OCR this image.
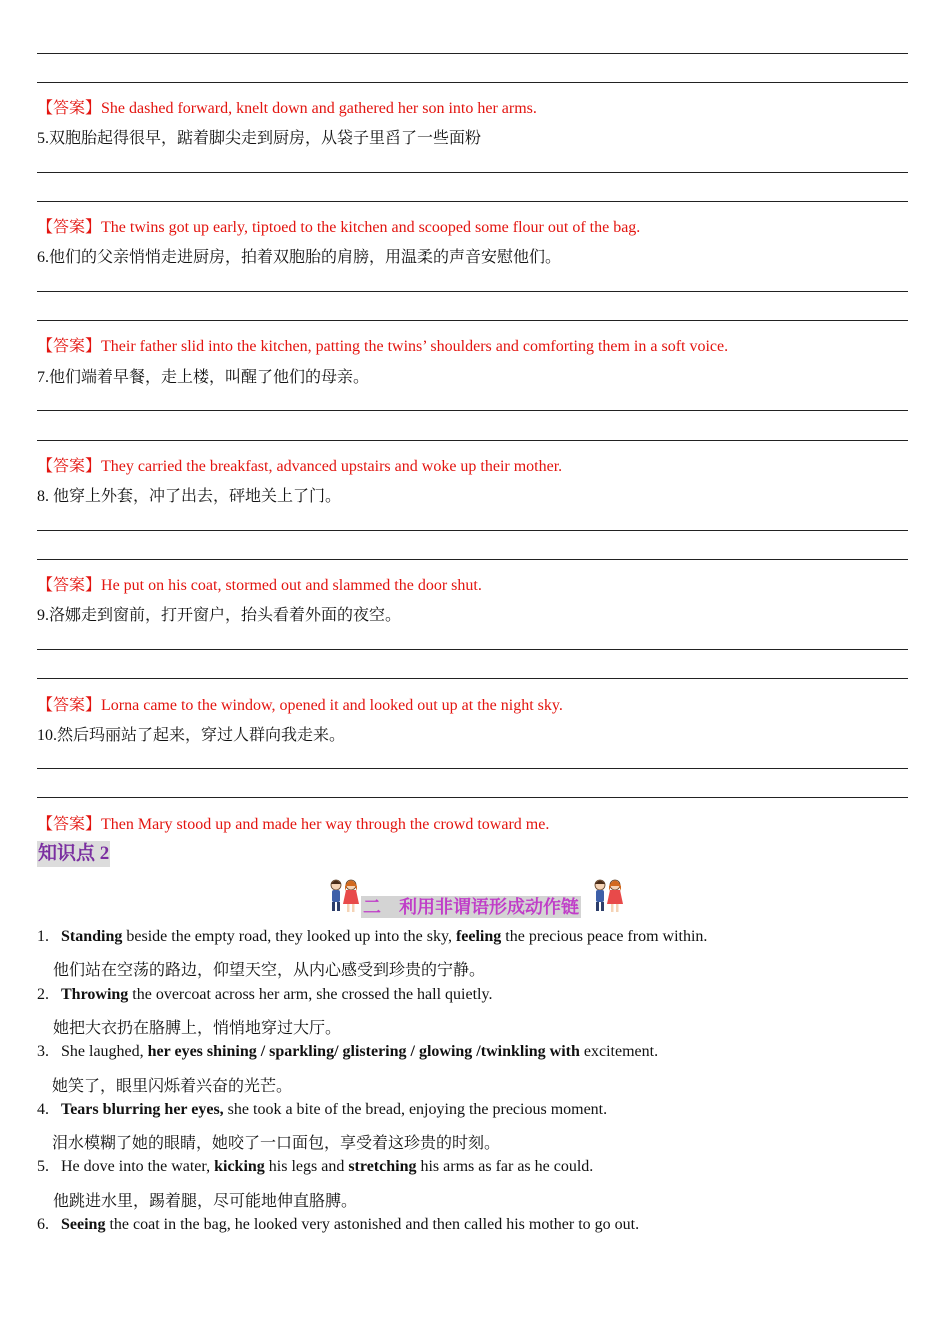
【答案】She dashed forward, knelt down and gathered her son into her arms.
5.双胞胎起得很早，踮着脚尖走到厨房，从袋子里舀了一些面粉
【答案】The twins got up early, tiptoed to the kitchen and scooped some flour out of the bag.
6.他们的父亲悄悄走进厨房，拍着双胞胎的肩膀，用温柔的声音安慰他们。
【答案】Their father slid into the kitchen, patting the twins’ shoulders and comforting them in a soft voice.
7.他们端着早餐，走上楼，叫醒了他们的母亲。
【答案】They carried the breakfast, advanced upstairs and woke up their mother.
8. 他穿上外套，冲了出去，砰地关上了门。
【答案】He put on his coat, stormed out and slammed the door shut.
9.洛娜走到窗前，打开窗户，抬头看着外面的夜空。
【答案】Lorna came to the window, opened it and looked out up at the night sky.
10.然后玛丽站了起来，穿过人群向我走来。
【答案】Then Mary stood up and made her way through the crowd toward me.
知识点 2
二　利用非谓语形成动作链
1. Standing beside the empty road, they looked up into the sky, feeling the precious peace from within.
他们站在空荡的路边，仰望天空，从内心感受到珍贵的宁静。
2. Throwing the overcoat across her arm, she crossed the hall quietly.
她把大衣扔在胳膊上，悄悄地穿过大厅。
3. She laughed, her eyes shining / sparkling/ glistering / glowing /twinkling with excitement.
她笑了，眼里闪烁着兴奋的光芒。
4. Tears blurring her eyes, she took a bite of the bread, enjoying the precious moment.
泪水模糊了她的眼睛，她咬了一口面包，享受着这珍贵的时刻。
5. He dove into the water, kicking his legs and stretching his arms as far as he could.
他跳进水里，踢着腿，尽可能地伸直胳膊。
6. Seeing the coat in the bag, he looked very astonished and then called his mother to go out.
